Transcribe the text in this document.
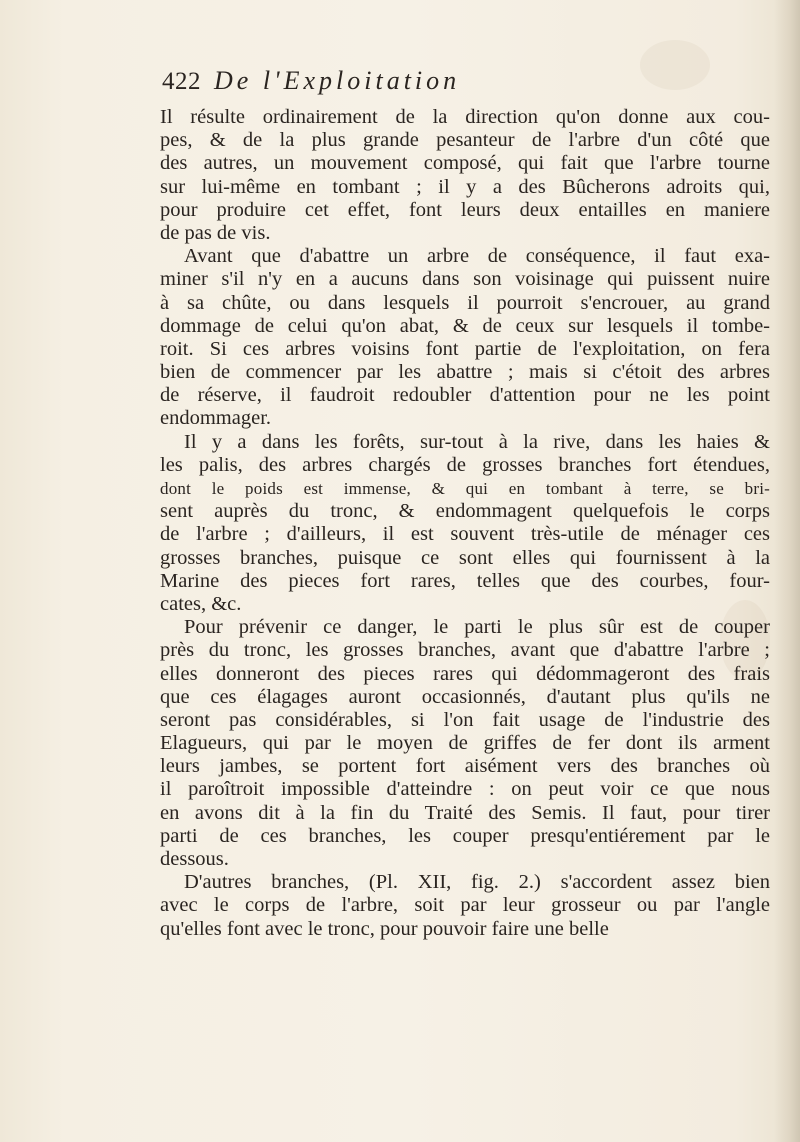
422 De l'Exploitation
Il résulte ordinairement de la direction qu'on donne aux cou-
pes, & de la plus grande pesanteur de l'arbre d'un côté que
des autres, un mouvement composé, qui fait que l'arbre tourne
sur lui-même en tombant ; il y a des Bûcherons adroits qui,
pour produire cet effet, font leurs deux entailles en maniere
de pas de vis.
Avant que d'abattre un arbre de conséquence, il faut exa-
miner s'il n'y en a aucuns dans son voisinage qui puissent nuire
à sa chûte, ou dans lesquels il pourroit s'encrouer, au grand
dommage de celui qu'on abat, & de ceux sur lesquels il tombe-
roit. Si ces arbres voisins font partie de l'exploitation, on fera
bien de commencer par les abattre ; mais si c'étoit des arbres
de réserve, il faudroit redoubler d'attention pour ne les point
endommager.
Il y a dans les forêts, sur-tout à la rive, dans les haies &
les palis, des arbres chargés de grosses branches fort étendues,
dont le poids est immense, & qui en tombant à terre, se bri-
sent auprès du tronc, & endommagent quelquefois le corps
de l'arbre ; d'ailleurs, il est souvent très-utile de ménager ces
grosses branches, puisque ce sont elles qui fournissent à la
Marine des pieces fort rares, telles que des courbes, four-
cates, &c.
Pour prévenir ce danger, le parti le plus sûr est de couper
près du tronc, les grosses branches, avant que d'abattre l'arbre ;
elles donneront des pieces rares qui dédommageront des frais
que ces élagages auront occasionnés, d'autant plus qu'ils ne
seront pas considérables, si l'on fait usage de l'industrie des
Elagueurs, qui par le moyen de griffes de fer dont ils arment
leurs jambes, se portent fort aisément vers des branches où
il paroîtroit impossible d'atteindre : on peut voir ce que nous
en avons dit à la fin du Traité des Semis. Il faut, pour tirer
parti de ces branches, les couper presqu'entiérement par le
dessous.
D'autres branches, (Pl. XII, fig. 2.) s'accordent assez bien
avec le corps de l'arbre, soit par leur grosseur ou par l'angle
qu'elles font avec le tronc, pour pouvoir faire une belle
